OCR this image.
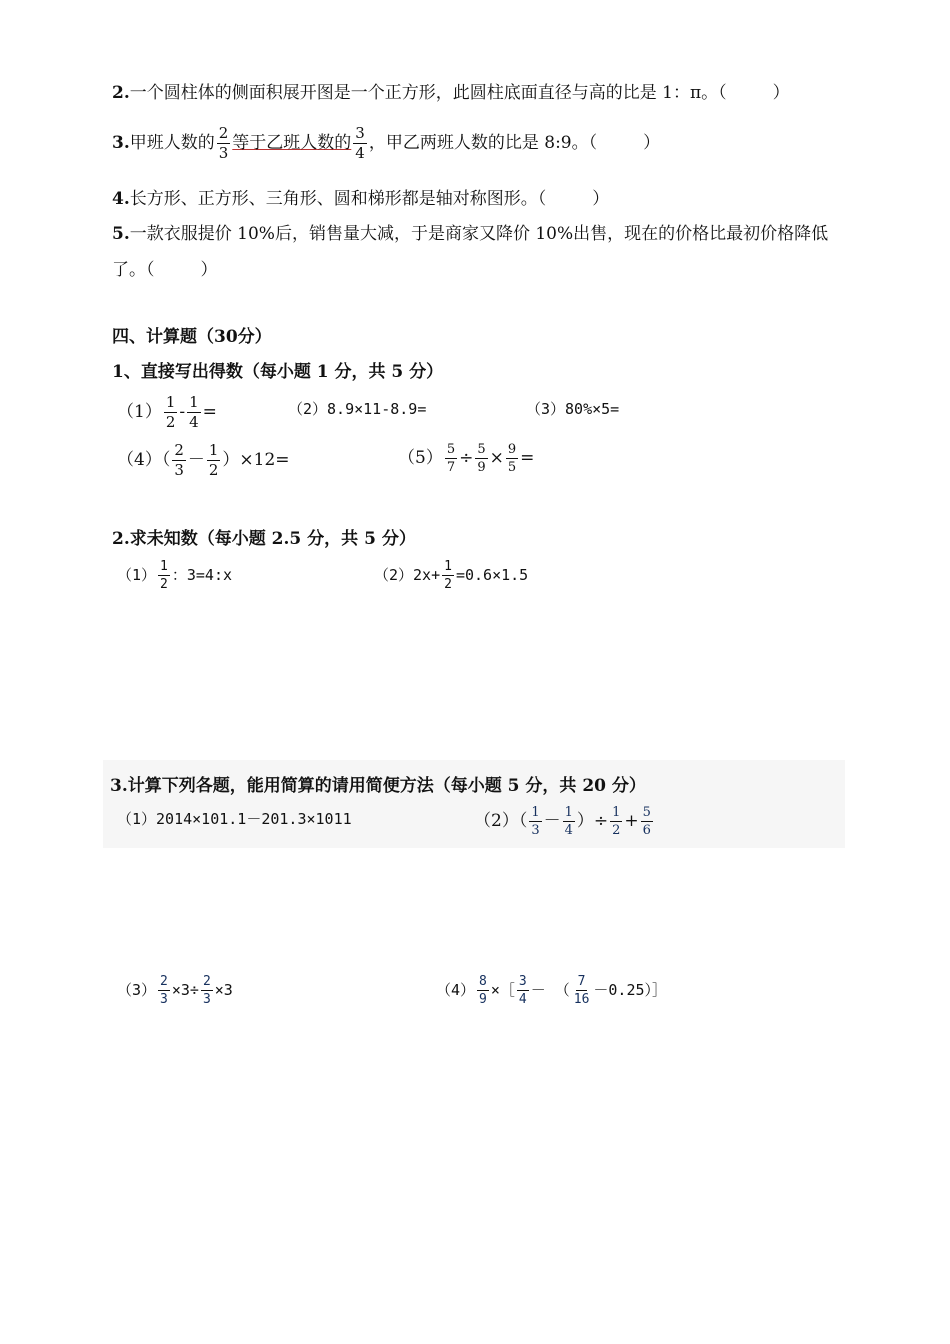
2.一个圆柱体的侧面积展开图是一个正方形，此圆柱底面直径与高的比是 1：π。（	）
3.甲班人数的 $\frac{2}{3}$ 等于乙班人数的 $\frac{3}{4}$ ，甲乙两班人数的比是 8:9。（	）
4.长方形、正方形、三角形、圆和梯形都是轴对称图形。（	）
5.一款衣服提价 10%后，销售量大减，于是商家又降价 10%出售，现在的价格比最初价格降低
了。（	）
四、计算题（30分）
1、直接写出得数（每小题 1 分，共 5 分）
$(1) \frac{1}{2} - \frac{1}{4}$ =	（2）8.9×11-8.9=	（3）80%×5=
$(4)( \frac{2}{3} - \frac{1}{2} )\times 12=$	$(5) \frac{5}{7} \div \frac{5}{9} \times \frac{9}{5}$ =
2.求未知数（每小题 2.5 分，共 5 分）
$(1) \frac{1}{2}$ ：3=4:x	$(2)2x+ \frac{1}{2} =0.6\times 1.5$
3.计算下列各题，能用简算的请用简便方法（每小题 5 分，共 20 分）
（1）2014×101.1－201.3×1011	$(2)( \frac{1}{3} - \frac{1}{4}$ ）÷ $\frac{1}{2} + \frac{5}{6}$
$(3) \frac{2}{3} \times 3\div \frac{2}{3} \times 3$	$(4) \frac{8}{9}$ ×［ $\frac{3}{4}$ － （ $\frac{7}{16}$ －0.25）］
